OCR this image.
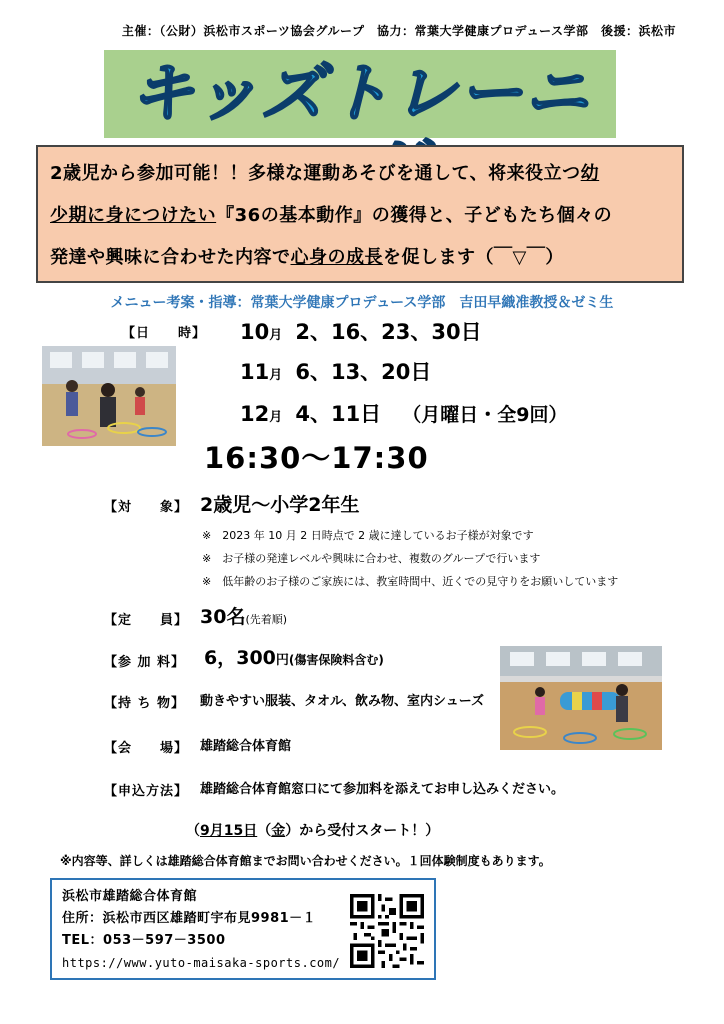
主催：（公財）浜松市スポーツ協会グループ　協力：常葉大学健康プロデュース学部　後援：浜松市
キッズトレーニ

2歳児から参加可能！！多様な運動あそびを通して、将来役立つ幼

少期に身につけたい『36の基本動作』の獲得と、子どもたち個々の

発達や興味に合わせた内容で心身の成長を促します（￣▽￣）

メニュー考案・指導：常葉大学健康プロデュース学部　吉田早織准教授＆ゼミ生
【日　　時】 10月 2、16、23、30日
11月 6、13、20日
12月 4、11日 （月曜日・全9回）
16:30〜17:30
【対　　象】 2歳児〜小学2年生
※　2023 年 10 月 2 日時点で 2 歳に達しているお子様が対象です
※　お子様の発達レベルや興味に合わせ、複数のグループで行います
※　低年齢のお子様のご家族には、教室時間中、近くでの見守りをお願いしています
【定　　員】 30名(先着順)
【参 加 料】 6，300円(傷害保険料含む)
【持 ち 物】 動きやすい服装、タオル、飲み物、室内シューズ
【会　　場】 雄踏総合体育館
【申込方法】 雄踏総合体育館窓口にて参加料を添えてお申し込みください。
（9月15日（金）から受付スタート！）
※内容等、詳しくは雄踏総合体育館までお問い合わせください。１回体験制度もあります。
浜松市雄踏総合体育館
住所：浜松市西区雄踏町宇布見9981－１
TEL：053－597－3500
https://www.yuto-maisaka-sports.com/
